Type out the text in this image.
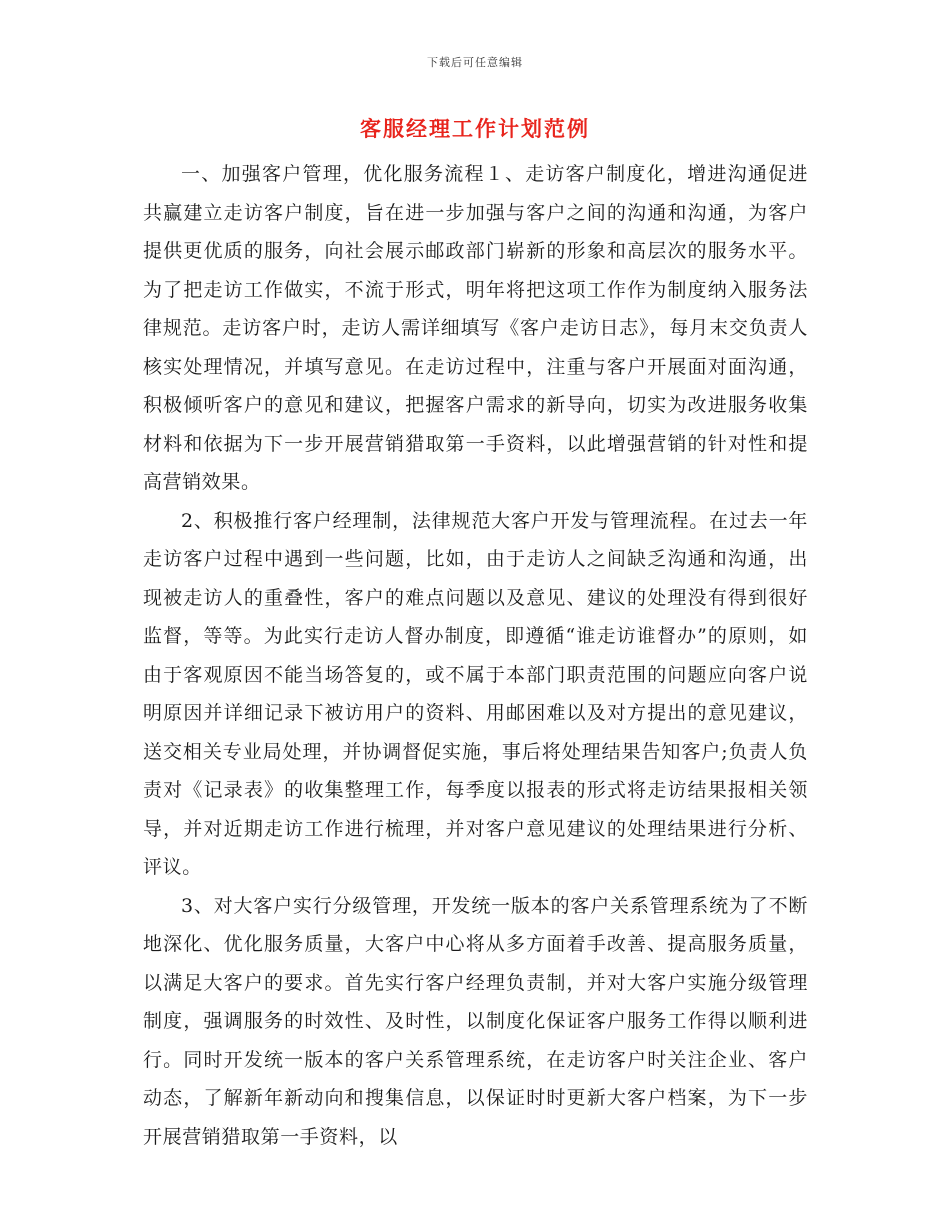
下载后可任意编辑
客服经理工作计划范例

一、加强客户管理，优化服务流程１、走访客户制度化，增进沟通促进共赢建立走访客户制度，旨在进一步加强与客户之间的沟通和沟通，为客户提供更优质的服务，向社会展示邮政部门崭新的形象和高层次的服务水平。为了把走访工作做实，不流于形式，明年将把这项工作作为制度纳入服务法律规范。走访客户时，走访人需详细填写《客户走访日志》，每月末交负责人核实处理情况，并填写意见。在走访过程中，注重与客户开展面对面沟通，积极倾听客户的意见和建议，把握客户需求的新导向，切实为改进服务收集材料和依据为下一步开展营销猎取第一手资料，以此增强营销的针对性和提高营销效果。

2、积极推行客户经理制，法律规范大客户开发与管理流程。在过去一年走访客户过程中遇到一些问题，比如，由于走访人之间缺乏沟通和沟通，出现被走访人的重叠性，客户的难点问题以及意见、建议的处理没有得到很好监督，等等。为此实行走访人督办制度，即遵循“谁走访谁督办”的原则，如由于客观原因不能当场答复的，或不属于本部门职责范围的问题应向客户说明原因并详细记录下被访用户的资料、用邮困难以及对方提出的意见建议，送交相关专业局处理，并协调督促实施，事后将处理结果告知客户;负责人负责对《记录表》的收集整理工作，每季度以报表的形式将走访结果报相关领导，并对近期走访工作进行梳理，并对客户意见建议的处理结果进行分析、评议。

3、对大客户实行分级管理，开发统一版本的客户关系管理系统为了不断地深化、优化服务质量，大客户中心将从多方面着手改善、提高服务质量，以满足大客户的要求。首先实行客户经理负责制，并对大客户实施分级管理制度，强调服务的时效性、及时性，以制度化保证客户服务工作得以顺利进行。同时开发统一版本的客户关系管理系统，在走访客户时关注企业、客户动态，了解新年新动向和搜集信息，以保证时时更新大客户档案，为下一步开展营销猎取第一手资料，以
